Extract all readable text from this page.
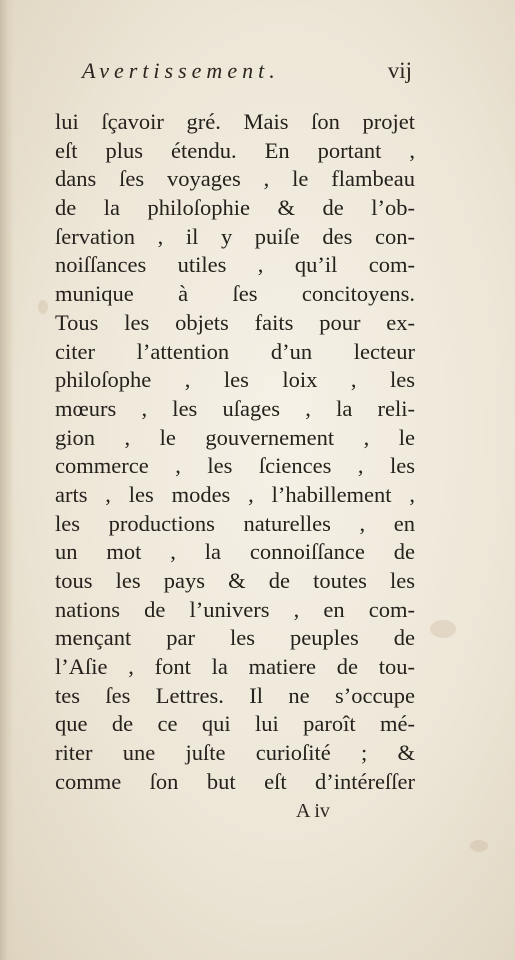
Avertissement.	vij
lui ſçavoir gré. Mais ſon projet
eſt plus étendu. En portant ,
dans ſes voyages , le flambeau
de la philoſophie & de l’ob-
ſervation , il y puiſe des con-
noiſſances utiles , qu’il com-
munique à ſes concitoyens.
Tous les objets faits pour ex-
citer l’attention d’un lecteur
philoſophe , les loix , les
mœurs , les uſages , la reli-
gion , le gouvernement , le
commerce , les ſciences , les
arts , les modes , l’habillement ,
les productions naturelles , en
un mot , la connoiſſance de
tous les pays & de toutes les
nations de l’univers , en com-
mençant par les peuples de
l’Aſie , font la matiere de tou-
tes ſes Lettres. Il ne s’occupe
que de ce qui lui paroît mé-
riter une juſte curioſité ; &
comme ſon but eſt d’intéreſſer
A iv
